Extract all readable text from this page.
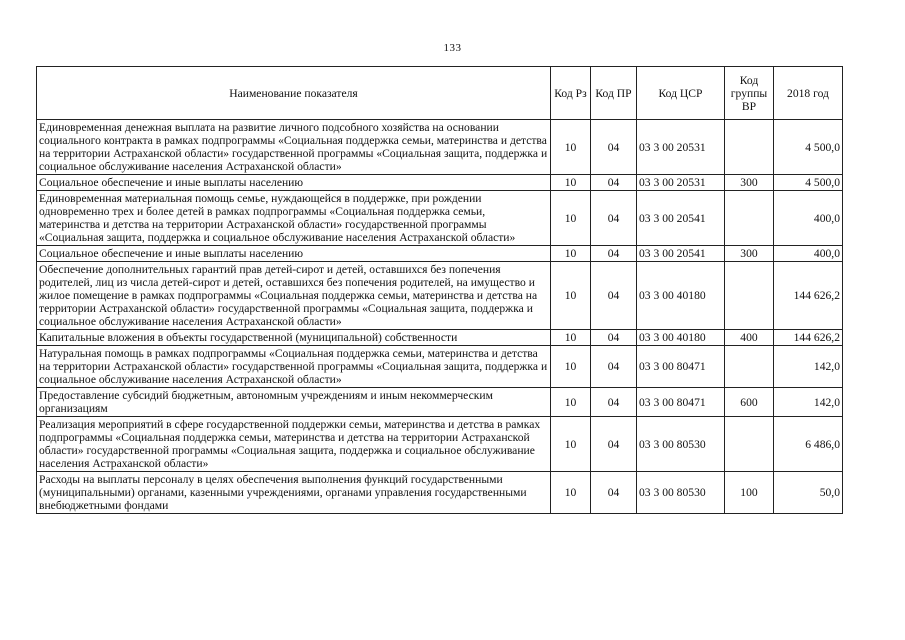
133
Наименование показателя	Код Рз	Код ПР	Код ЦСР	Код группы ВР	2018 год
Единовременная денежная выплата на развитие личного подсобного хозяйства на основании социального контракта в рамках подпрограммы «Социальная поддержка семьи, материнства и детства на территории Астраханской области» государственной программы «Социальная защита, поддержка и социальное обслуживание населения Астраханской области»	10	04	03 3 00 20531		4 500,0
Социальное обеспечение и иные выплаты населению	10	04	03 3 00 20531	300	4 500,0
Единовременная материальная помощь семье, нуждающейся в поддержке, при рождении одновременно трех и более детей в рамках подпрограммы «Социальная поддержка семьи, материнства и детства на территории Астраханской области» государственной программы «Социальная защита, поддержка и социальное обслуживание населения Астраханской области»	10	04	03 3 00 20541		400,0
Социальное обеспечение и иные выплаты населению	10	04	03 3 00 20541	300	400,0
Обеспечение дополнительных гарантий прав детей-сирот и детей, оставшихся без попечения родителей, лиц из числа детей-сирот и детей, оставшихся без попечения родителей, на имущество и жилое помещение в рамках подпрограммы «Социальная поддержка семьи, материнства и детства на территории Астраханской области» государственной программы «Социальная защита, поддержка и социальное обслуживание населения Астраханской области»	10	04	03 3 00 40180		144 626,2
Капитальные вложения в объекты государственной (муниципальной) собственности	10	04	03 3 00 40180	400	144 626,2
Натуральная помощь в рамках подпрограммы «Социальная поддержка семьи, материнства и детства на территории Астраханской области» государственной программы «Социальная защита, поддержка и социальное обслуживание населения Астраханской области»	10	04	03 3 00 80471		142,0
Предоставление субсидий бюджетным, автономным учреждениям и иным некоммерческим организациям	10	04	03 3 00 80471	600	142,0
Реализация мероприятий в сфере государственной поддержки семьи, материнства и детства в рамках подпрограммы «Социальная поддержка семьи, материнства и детства на территории Астраханской области» государственной программы «Социальная защита, поддержка и социальное обслуживание населения Астраханской области»	10	04	03 3 00 80530		6 486,0
Расходы на выплаты персоналу в целях обеспечения выполнения функций государственными (муниципальными) органами, казенными учреждениями, органами управления государственными внебюджетными фондами	10	04	03 3 00 80530	100	50,0
